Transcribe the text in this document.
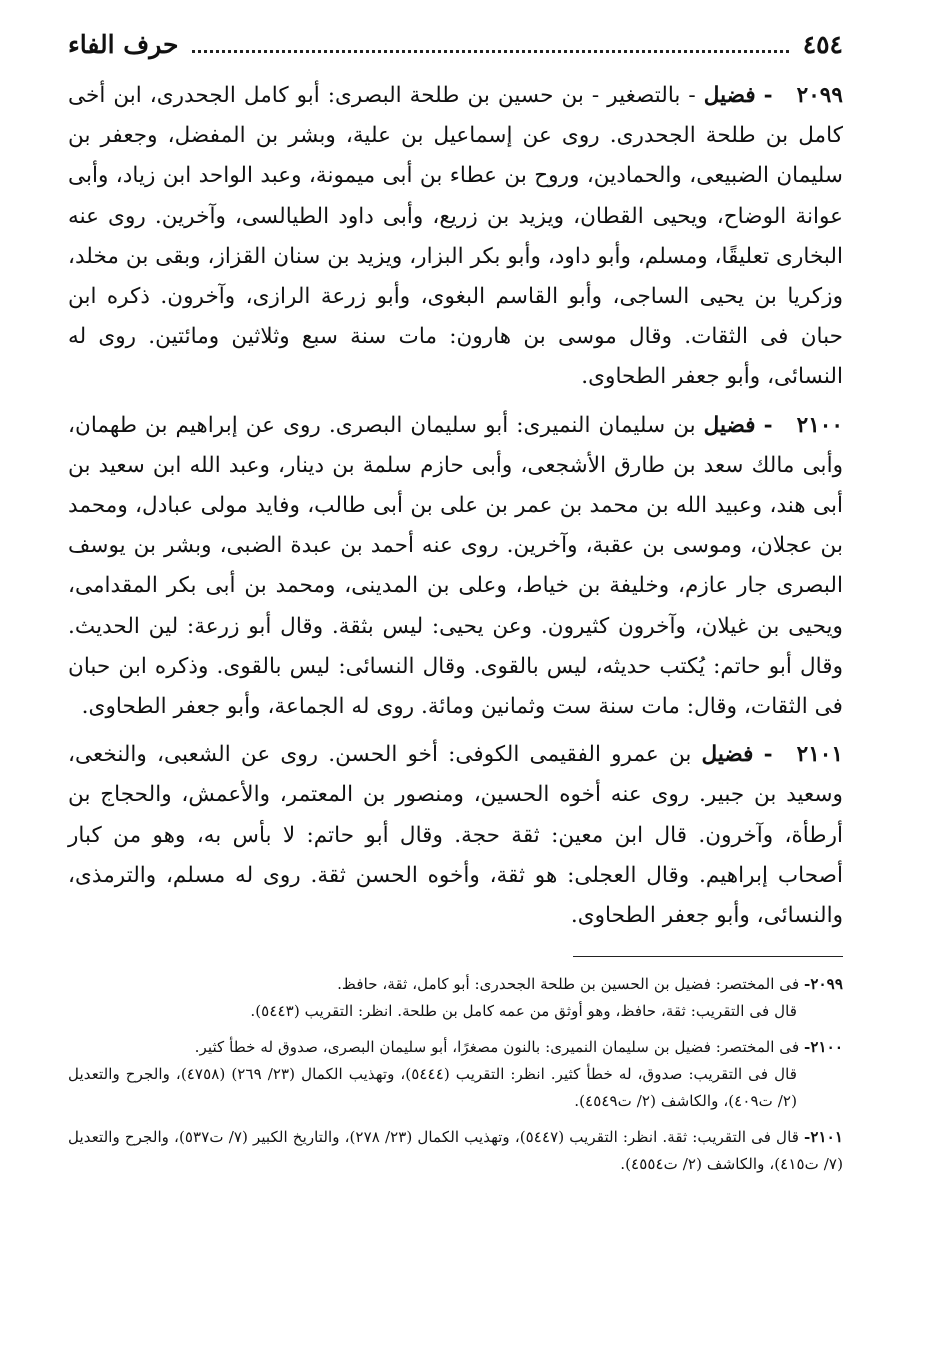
٤٥٤
حرف الفاء

٢٠٩٩- فضيل - بالتصغير - بن حسين بن طلحة البصرى: أبو كامل الجحدرى، ابن أخى كامل بن طلحة الجحدرى. روى عن إسماعيل بن علية، وبشر بن المفضل، وجعفر بن سليمان الضبيعى، والحمادين، وروح بن عطاء بن أبى ميمونة، وعبد الواحد ابن زياد، وأبى عوانة الوضاح، ويحيى القطان، ويزيد بن زريع، وأبى داود الطيالسى، وآخرين. روى عنه البخارى تعليقًا، ومسلم، وأبو داود، وأبو بكر البزار، ويزيد بن سنان القزاز، وبقى بن مخلد، وزكريا بن يحيى الساجى، وأبو القاسم البغوى، وأبو زرعة الرازى، وآخرون. ذكره ابن حبان فى الثقات. وقال موسى بن هارون: مات سنة سبع وثلاثين ومائتين. روى له النسائى، وأبو جعفر الطحاوى.

٢١٠٠- فضيل بن سليمان النميرى: أبو سليمان البصرى. روى عن إبراهيم بن طهمان، وأبى مالك سعد بن طارق الأشجعى، وأبى حازم سلمة بن دينار، وعبد الله ابن سعيد بن أبى هند، وعبيد الله بن محمد بن عمر بن على بن أبى طالب، وفايد مولى عبادل، ومحمد بن عجلان، وموسى بن عقبة، وآخرين. روى عنه أحمد بن عبدة الضبى، وبشر بن يوسف البصرى جار عازم، وخليفة بن خياط، وعلى بن المدينى، ومحمد بن أبى بكر المقدامى، ويحيى بن غيلان، وآخرون كثيرون. وعن يحيى: ليس بثقة. وقال أبو زرعة: لين الحديث. وقال أبو حاتم: يُكتب حديثه، ليس بالقوى. وقال النسائى: ليس بالقوى. وذكره ابن حبان فى الثقات، وقال: مات سنة ست وثمانين ومائة. روى له الجماعة، وأبو جعفر الطحاوى.

٢١٠١- فضيل بن عمرو الفقيمى الكوفى: أخو الحسن. روى عن الشعبى، والنخعى، وسعيد بن جبير. روى عنه أخوه الحسين، ومنصور بن المعتمر، والأعمش، والحجاج بن أرطأة، وآخرون. قال ابن معين: ثقة حجة. وقال أبو حاتم: لا بأس به، وهو من كبار أصحاب إبراهيم. وقال العجلى: هو ثقة، وأخوه الحسن ثقة. روى له مسلم، والترمذى، والنسائى، وأبو جعفر الطحاوى.

٢٠٩٩- فى المختصر: فضيل بن الحسين بن طلحة الجحدرى: أبو كامل، ثقة، حافظ.
قال فى التقريب: ثقة، حافظ، وهو أوثق من عمه كامل بن طلحة. انظر: التقريب (٥٤٤٣).

٢١٠٠- فى المختصر: فضيل بن سليمان النميرى: بالنون مصغرًا، أبو سليمان البصرى، صدوق له خطأ كثير.
قال فى التقريب: صدوق، له خطأ كثير. انظر: التقريب (٥٤٤٤)، وتهذيب الكمال (٢٣/ ٢٦٩) (٤٧٥٨)، والجرح والتعديل (٢/ ت٤٠٩)، والكاشف (٢/ ت٤٥٤٩).

٢١٠١- قال فى التقريب: ثقة. انظر: التقريب (٥٤٤٧)، وتهذيب الكمال (٢٣/ ٢٧٨)، والتاريخ الكبير (٧/ ت٥٣٧)، والجرح والتعديل (٧/ ت٤١٥)، والكاشف (٢/ ت٤٥٥٤).
